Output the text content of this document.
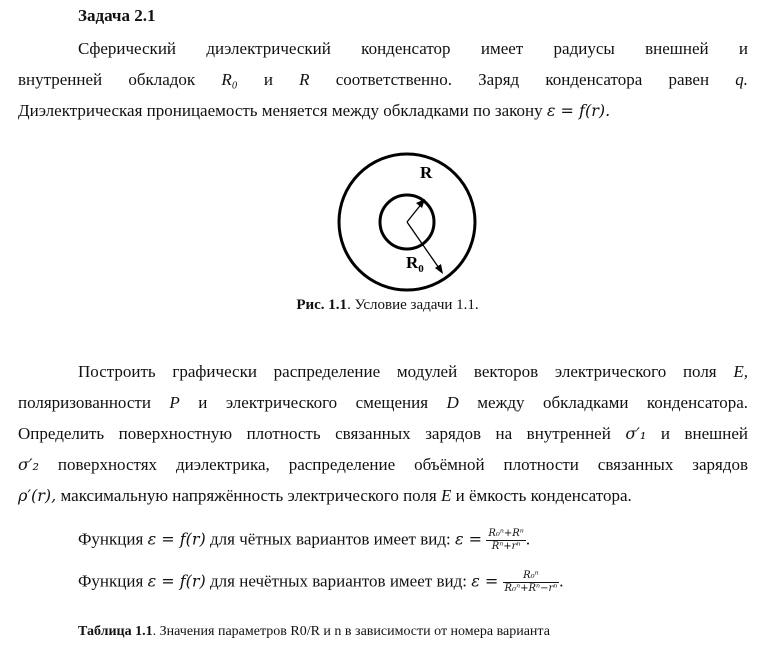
Задача 2.1
Сферический диэлектрический конденсатор имеет радиусы внешней и
внутренней обкладок R₀ и R соответственно. Заряд конденсатора равен q.
Диэлектрическая проницаемость меняется между обкладками по закону ε = f(r).
R
$R_0$
Рис. 1.1. Условие задачи 1.1.
Построить графически распределение модулей векторов электрического поля E,
поляризованности P и электрического смещения D между обкладками конденсатора.
Определить поверхностную плотность связанных зарядов на внутренней σ′₁ и внешней
σ′₂ поверхностях диэлектрика, распределение объёмной плотности связанных зарядов
ρ′(r), максимальную напряжённость электрического поля E и ёмкость конденсатора.
Функция ε = f(r) для чётных вариантов имеет вид: $\varepsilon = \frac{\text{R₀ⁿ+Rⁿ}}{\text{Rⁿ+rⁿ}}$ .
Функция ε = f(r) для нечётных вариантов имеет вид: $\varepsilon = \frac{\text{R₀ⁿ}}{\text{R₀ⁿ+Rⁿ−rⁿ}}$ .
Таблица 1.1. Значения параметров R0/R и n в зависимости от номера варианта
